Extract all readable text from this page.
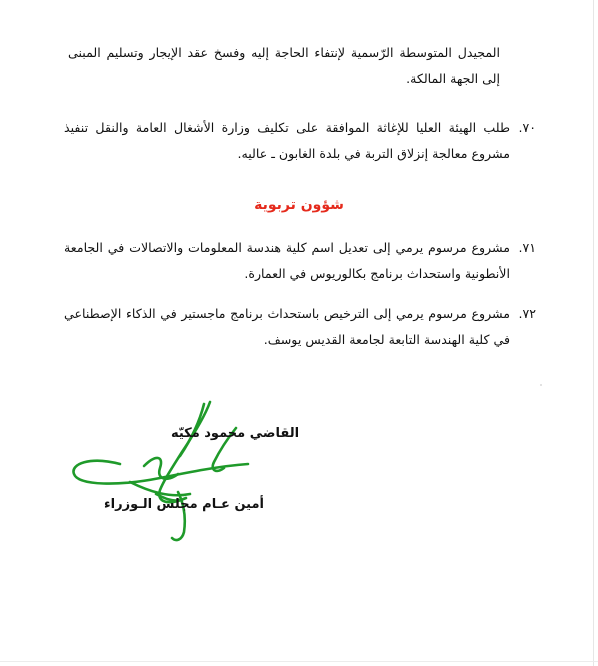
المجيدل المتوسطة الرّسمية لإنتفاء الحاجة إليه وفسخ عقد الإيجار وتسليم المبنى إلى الجهة المالكة.

٧٠.
طلب الهيئة العليا للإغاثة الموافقة على تكليف وزارة الأشغال العامة والنقل تنفيذ مشروع معالجة إنزلاق التربة في بلدة الغابون ـ عاليه.
شؤون تربوية
٧١.
مشروع مرسوم يرمي إلى تعديل اسم كلية هندسة المعلومات والاتصالات في الجامعة الأنطونية واستحداث برنامج بكالوريوس في العمارة.
٧٢.
مشروع مرسوم يرمي إلى الترخيص باستحداث برنامج ماجستير في الذكاء الإصطناعي في كلية الهندسة التابعة لجامعة القديس يوسف.
القاضي محمود مكيّه
أمين عـام مجلس الـوزراء
